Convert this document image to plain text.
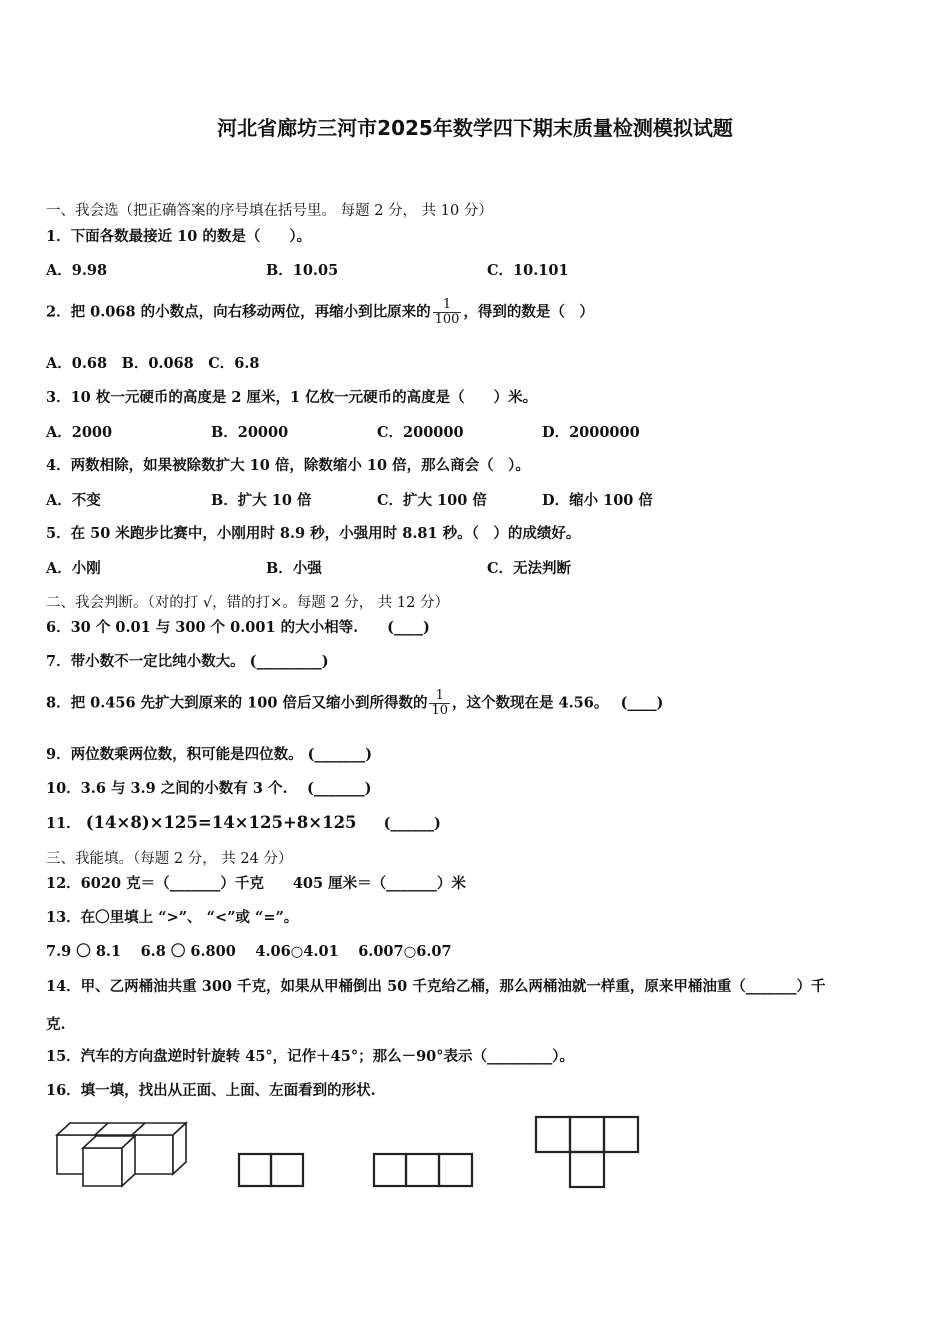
河北省廊坊三河市2025年数学四下期末质量检测模拟试题
一、我会选（把正确答案的序号填在括号里。 每题 2 分， 共 10 分）
1．下面各数最接近 10 的数是（　　）。
A．9.98	B．10.05	C．10.101
2．把 0.068 的小数点，向右移动两位，再缩小到比原来的 $\frac{1}{100}$ ，得到的数是（　）
A．0.68　B．0.068　C．6.8
3．10 枚一元硬币的高度是 2 厘米，1 亿枚一元硬币的高度是（　　）米。
A．2000	B．20000	C．200000	D．2000000
4．两数相除，如果被除数扩大 10 倍，除数缩小 10 倍，那么商会（　）。
A．不变	B．扩大 10 倍	C．扩大 100 倍	D．缩小 100 倍
5．在 50 米跑步比赛中，小刚用时 8.9 秒，小强用时 8.81 秒。（　）的成绩好。
A．小刚	B．小强	C．无法判断
二、我会判断。（对的打 √，错的打×。每题 2 分， 共 12 分）
6．30 个 0.01 与 300 个 0.001 的大小相等.　　(____)
7．带小数不一定比纯小数大。 (_________)
8．把 0.456 先扩大到原来的 100 倍后又缩小到所得数的 $\frac{1}{10}$ ，这个数现在是 4.56。　 (____)
9．两位数乘两位数，积可能是四位数。 (_______)
10．3.6 与 3.9 之间的小数有 3 个.　 (_______)
11． (14×8)×125=14×125+8×125 (______)
三、我能填。（每题 2 分， 共 24 分）
12．6020 克＝（_______）千克　　405 厘米＝（_______）米
13．在〇里填上 “>”、 “<”或 “=”。
7.9 〇 8.1　 6.8 〇 6.800　 4.06○4.01　 6.007○6.07
14．甲、乙两桶油共重 300 千克，如果从甲桶倒出 50 千克给乙桶，那么两桶油就一样重，原来甲桶油重（_______）千
克.
15．汽车的方向盘逆时针旋转 45°，记作＋45°；那么－90°表示（_________）。
16．填一填，找出从正面、上面、左面看到的形状.
